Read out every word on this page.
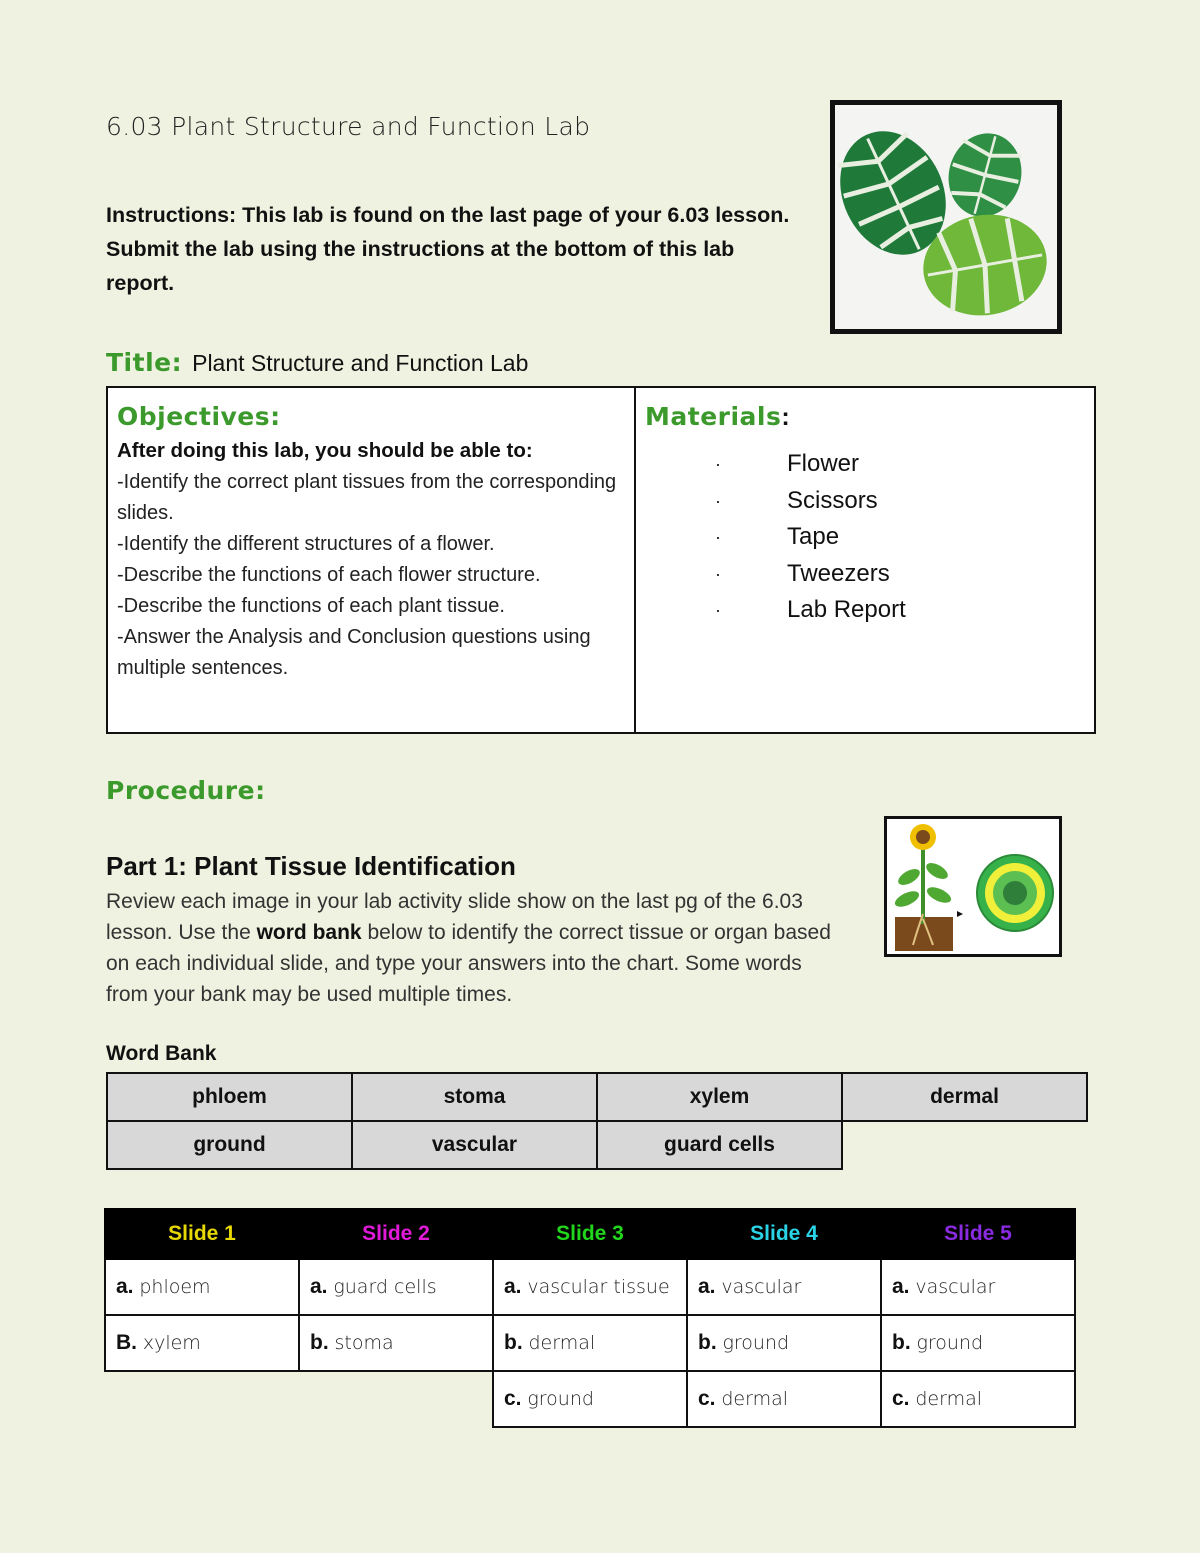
6.03 Plant Structure and Function Lab
Instructions: This lab is found on the last page of your 6.03 lesson. Submit the lab using the instructions at the bottom of this lab report.
Title: Plant Structure and Function Lab
Objectives:
After doing this lab, you should be able to:
-Identify the correct plant tissues from the corresponding slides.
-Identify the different structures of a flower.
-Describe the functions of each flower structure.
-Describe the functions of each plant tissue.
-Answer the Analysis and Conclusion questions using multiple sentences.
Materials:
·	Flower
·	Scissors
·	Tape
·	Tweezers
·	Lab Report
Procedure:
Part 1: Plant Tissue Identification
Review each image in your lab activity slide show on the last pg of the 6.03 lesson. Use the word bank below to identify the correct tissue or organ based on each individual slide, and type your answers into the chart. Some words from your bank may be used multiple times.
Word Bank
phloem	stoma	xylem	dermal
ground	vascular	guard cells	
Slide 1	Slide 2	Slide 3	Slide 4	Slide 5
a. phloem	a. guard cells	a. vascular tissue	a. vascular	a. vascular
B. xylem	b. stoma	b. dermal	b. ground	b. ground
		c. ground	c. dermal	c. dermal
